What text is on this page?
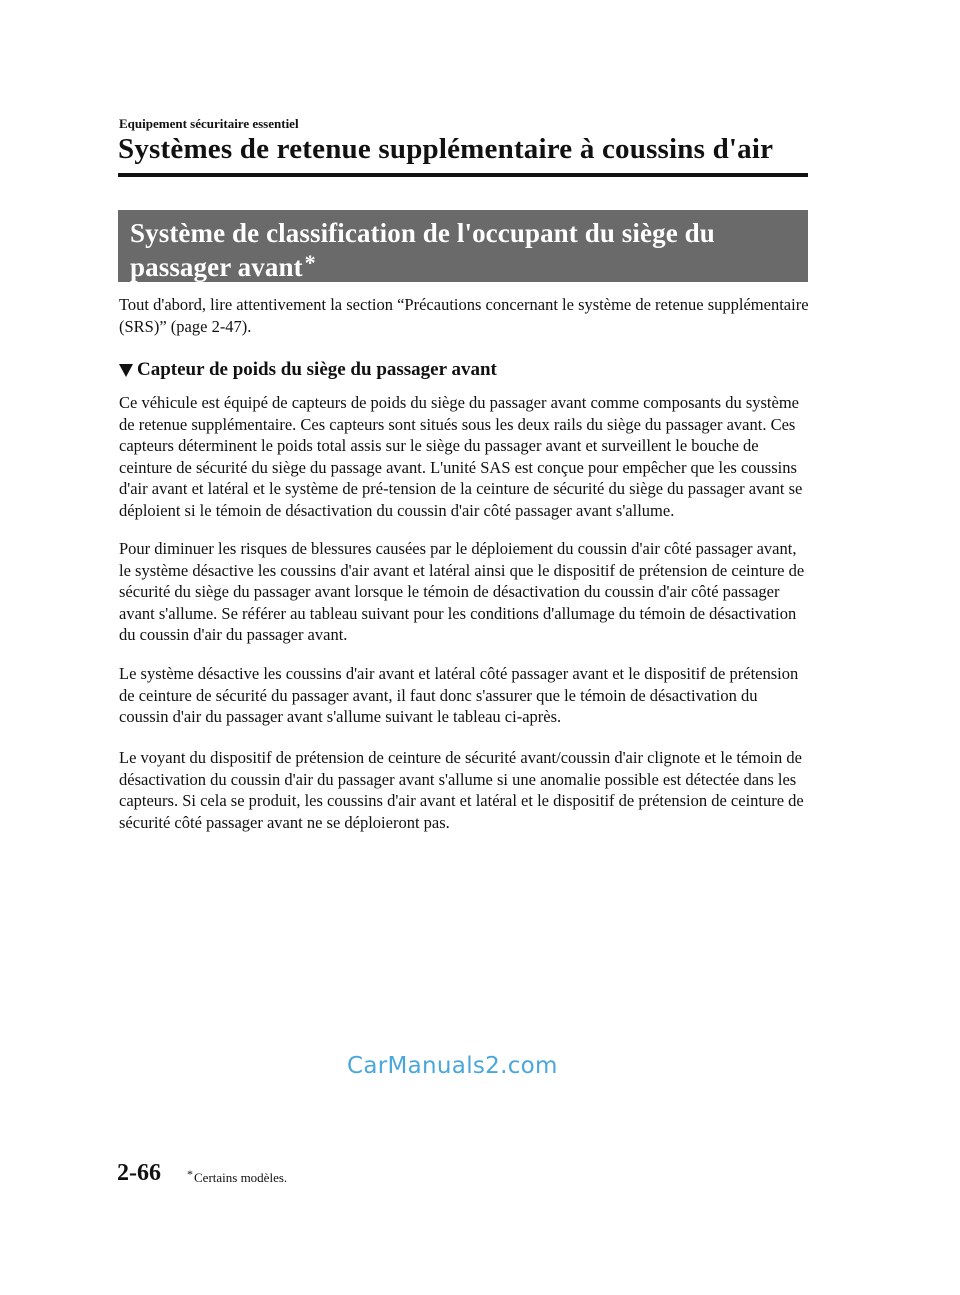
Equipement sécuritaire essentiel
Systèmes de retenue supplémentaire à coussins d'air
Système de classification de l'occupant du siège du passager avant*

Tout d'abord, lire attentivement la section “Précautions concernant le système de retenue supplémentaire (SRS)” (page 2-47).

Capteur de poids du siège du passager avant

Ce véhicule est équipé de capteurs de poids du siège du passager avant comme composants du système de retenue supplémentaire. Ces capteurs sont situés sous les deux rails du siège du passager avant. Ces capteurs déterminent le poids total assis sur le siège du passager avant et surveillent le bouche de ceinture de sécurité du siège du passage avant. L'unité SAS est conçue pour empêcher que les coussins d'air avant et latéral et le système de pré-tension de la ceinture de sécurité du siège du passager avant se déploient si le témoin de désactivation du coussin d'air côté passager avant s'allume.

Pour diminuer les risques de blessures causées par le déploiement du coussin d'air côté passager avant, le système désactive les coussins d'air avant et latéral ainsi que le dispositif de prétension de ceinture de sécurité du siège du passager avant lorsque le témoin de désactivation du coussin d'air côté passager avant s'allume. Se référer au tableau suivant pour les conditions d'allumage du témoin de désactivation du coussin d'air du passager avant.

Le système désactive les coussins d'air avant et latéral côté passager avant et le dispositif de prétension de ceinture de sécurité du passager avant, il faut donc s'assurer que le témoin de désactivation du coussin d'air du passager avant s'allume suivant le tableau ci-après.

Le voyant du dispositif de prétension de ceinture de sécurité avant/coussin d'air clignote et le témoin de désactivation du coussin d'air du passager avant s'allume si une anomalie possible est détectée dans les capteurs. Si cela se produit, les coussins d'air avant et latéral et le dispositif de prétension de ceinture de sécurité côté passager avant ne se déploieront pas.

CarManuals2.com
2-66 *Certains modèles.
